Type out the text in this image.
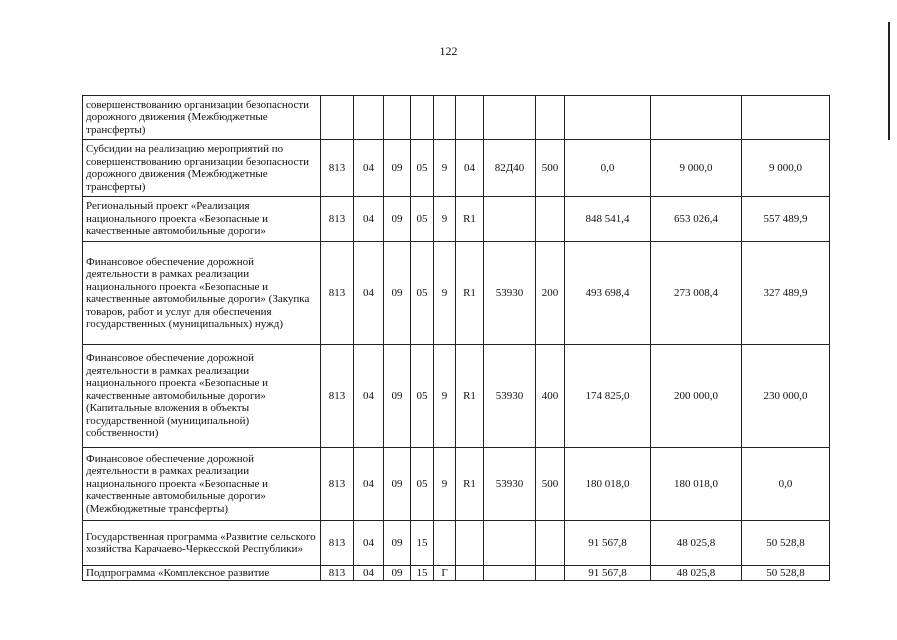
122
совершенствованию организации безопасности дорожного движения (Межбюджетные трансферты)											
Субсидии на реализацию мероприятий по совершенствованию организации безопасности дорожного движения (Межбюджетные трансферты)	813	04	09	05	9	04	82Д40	500	0,0	9 000,0	9 000,0
Региональный проект «Реализация национального проекта «Безопасные и качественные автомобильные дороги»	813	04	09	05	9	R1			848 541,4	653 026,4	557 489,9
Финансовое обеспечение дорожной деятельности в рамках реализации национального проекта «Безопасные и качественные автомобильные дороги» (Закупка товаров, работ и услуг для обеспечения государственных (муниципальных) нужд)	813	04	09	05	9	R1	53930	200	493 698,4	273 008,4	327 489,9
Финансовое обеспечение дорожной деятельности в рамках реализации национального проекта «Безопасные и качественные автомобильные дороги» (Капитальные вложения в объекты государственной (муниципальной) собственности)	813	04	09	05	9	R1	53930	400	174 825,0	200 000,0	230 000,0
Финансовое обеспечение дорожной деятельности в рамках реализации национального проекта «Безопасные и качественные автомобильные дороги» (Межбюджетные трансферты)	813	04	09	05	9	R1	53930	500	180 018,0	180 018,0	0,0
Государственная программа «Развитие сельского хозяйства Карачаево-Черкесской Республики»	813	04	09	15					91 567,8	48 025,8	50 528,8
Подпрограмма «Комплексное развитие	813	04	09	15	Г				91 567,8	48 025,8	50 528,8
